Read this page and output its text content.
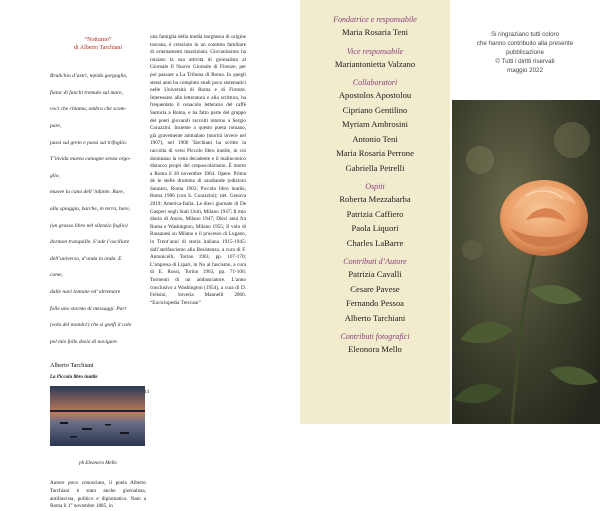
“Notturno”
di Alberto Tarchiani

Brulichio d’astri, tepido gorgoglio,

fiatar di fanchi tremulo sul mare,

voci che chiama, ombra che scom-

pare,

passi sul greto e passi sul trifoglio.

T’invida marea canagne senza orgo-

glio,

muove la cuna dell’ infante. Rare,

alla spiaggia, barche, in terra, bare,

(un grasso libro nel silenzio foglio)

dormon tranquille. S’ode l’oscillare

dell’universo, d’onda in onda. E

come,

dalle navi lontane ed’ altremare

folle uno stormo di messaggi. Parr

(vola del mondo!) che si gonfi il colo

pel mio folle desio di navigare.

Alberto Tarchiani
La Piccola libro inutile
ph Eleonora Mello
Autore poco conosciuto, il poeta Alberto Tarchiani è stato anche giornalista, antifascista, politico e diplomatico. Nato a Roma il 1° novembre 1885, in
una famiglia della media borghesia di origine toscana, è cresciuto in un contesto familiare di orientamenti mazziniani. Giovanissimo ha iniziato la sua attività di giornalista al Giornale Il Nuovo Giornale di Firenze, per poi passare a La Tribuna di Roma. In quegli stessi anni ha compiuto studi poco sistematici nelle Università di Roma e di Firenze. Interessato alla letteratura e alla scrittura, ha frequentato il cenacolo letterario del caffè Sartoria a Roma, e ha fatto parte del gruppo dei poeti giovanili raccolti intorno a Sergio Corazzini. Insieme a questo poeta romano, già gravemente ammalato (morirà invece nel 1907), nel 1906 Tarchiani ha scritto la raccolta di versi Piccolo libro inutile, in cui dominano la vena decadente e il malinconico distacco propri del crepuscolarismo. È morto a Roma il 30 novembre 1964. Opere. Prima de le stelle drumma di sarabande (edizioni Sanzaro, Roma 1903; Piccolo libro inutile, Roma 1906 (con S. Corazzini); riet. Genova 2019; America-Italia. Le dieci giornate di De Gasperi negli Stati Uniti, Milano 1947; Il mio diario di Anzio, Milano 1947; Dieci anni fra Roma e Washington, Milano 1955; Il volo di Bassanesi su Milano e il processo di Lugano, in Trent’anni di storia italiana 1915-1945: dall’antifascismo alla Resistenza, a cura di F. Antonicelli, Torino 1961, pp. 107-170; L’impresa di Lipari, in No al fascismo, a cura di E. Rossi, Torino 1963, pp. 71-106; Tormenti di un ambasciatore. L’anno conclusivo a Washington (1954), a cura di D. Felisini, Soveria Mannelli 2006. “Enciclopedia Treccani”
44
Fondatrice e responsabile
Maria Rosaria Teni
Vice responsabile
Mariantonietta Valzano
Collaboratori
Apostolos Apostolou
Cipriano Gentilino
Myriam Ambrosini
Antonio Teni
Maria Rosaria Perrone
Gabriella Petrelli
Ospiti
Roberta Mezzabarba
Patrizia Caffiero
Paola Liquori
Charles LaBarre
Contributi d’Autore
Patrizia Cavalli
Cesare Pavese
Fernando Pessoa
Alberto Tarchiani
Contributi fotografici
Eleonora Mello
Si ringraziano tutti coloro
che hanno contribuito alla presente
pubblicazione
© Tutti i diritti riservati
maggio 2022
